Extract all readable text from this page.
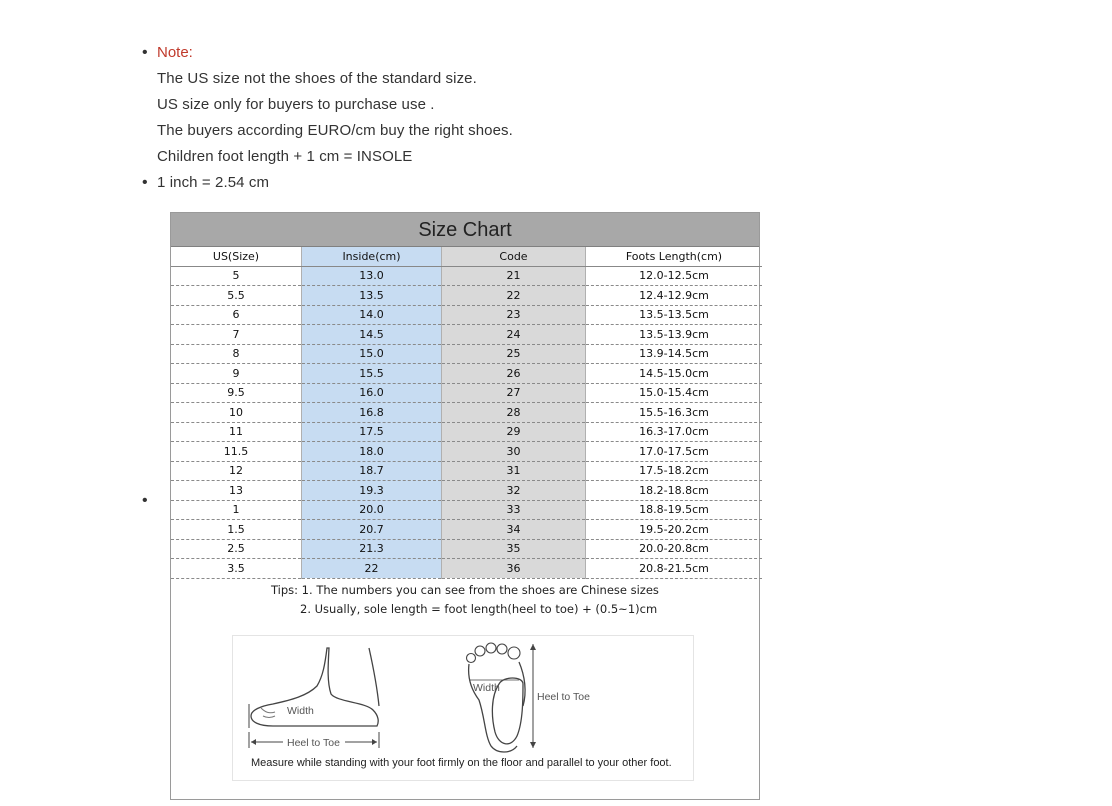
• Note:
The US size not the shoes of the standard size.
US size only for buyers to purchase use .
The buyers according EURO/cm buy the right shoes.
Children foot length + 1 cm = INSOLE
• 1 inch = 2.54 cm
•
Size Chart
US(Size)	Inside(cm)	Code	Foots Length(cm)
5	13.0	21	12.0-12.5cm
5.5	13.5	22	12.4-12.9cm
6	14.0	23	13.5-13.5cm
7	14.5	24	13.5-13.9cm
8	15.0	25	13.9-14.5cm
9	15.5	26	14.5-15.0cm
9.5	16.0	27	15.0-15.4cm
10	16.8	28	15.5-16.3cm
11	17.5	29	16.3-17.0cm
11.5	18.0	30	17.0-17.5cm
12	18.7	31	17.5-18.2cm
13	19.3	32	18.2-18.8cm
1	20.0	33	18.8-19.5cm
1.5	20.7	34	19.5-20.2cm
2.5	21.3	35	20.0-20.8cm
3.5	22	36	20.8-21.5cm
Tips: 1. The numbers you can see from the shoes are Chinese sizes
2. Usually, sole length = foot length(heel to toe) + (0.5~1)cm
Width
Heel to Toe
Width
Heel to Toe
Measure while standing with your foot firmly on the floor and parallel to your other foot.
